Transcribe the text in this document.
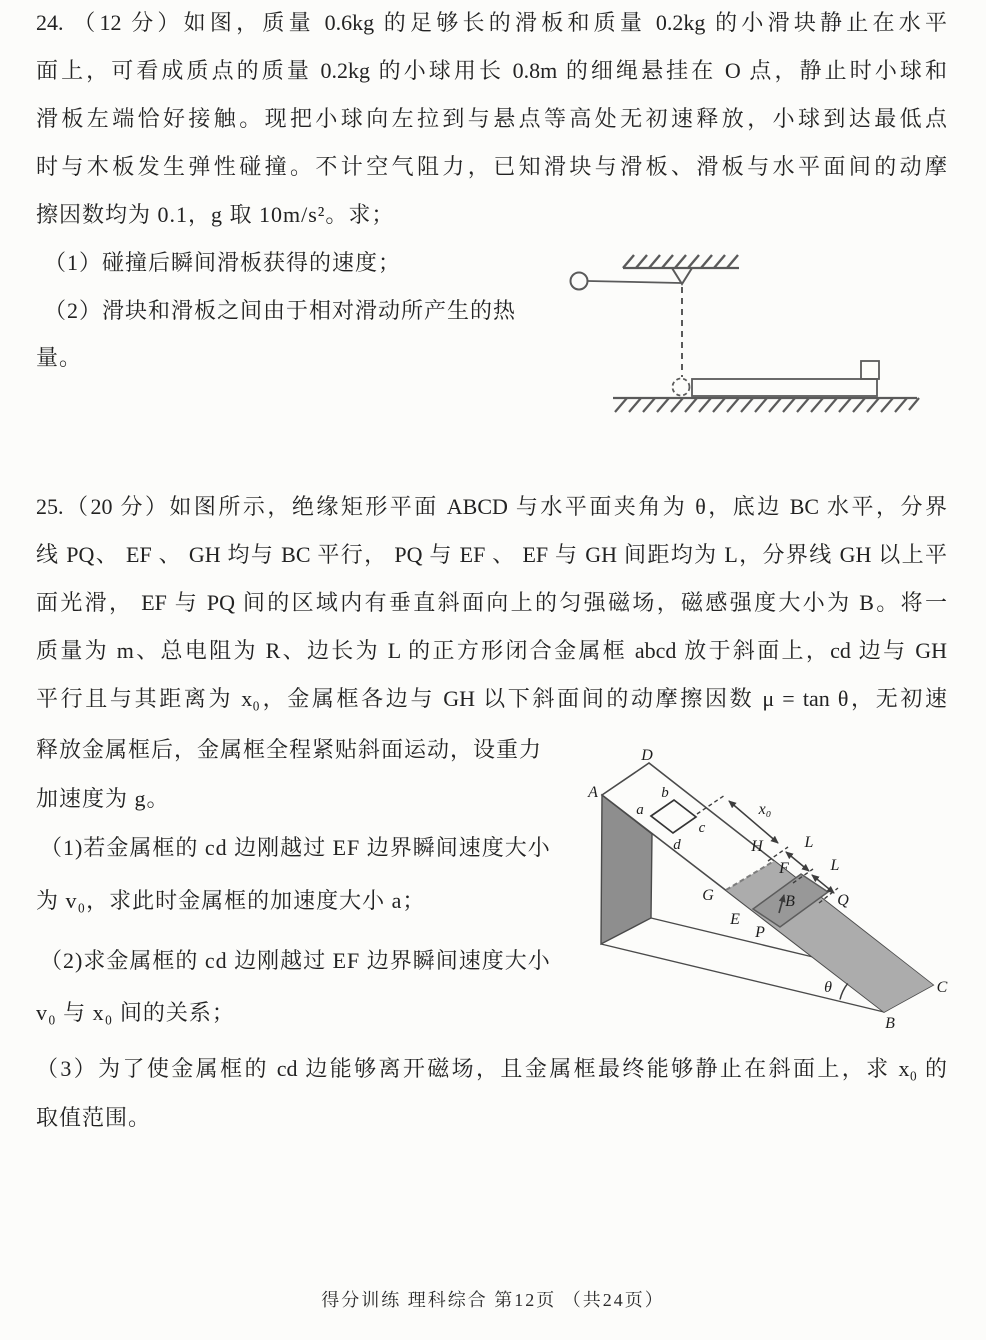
24. （12 分）如图，质量 0.6kg 的足够长的滑板和质量 0.2kg 的小滑块静止在水平
面上，可看成质点的质量 0.2kg 的小球用长 0.8m 的细绳悬挂在 O 点，静止时小球和
滑板左端恰好接触。现把小球向左拉到与悬点等高处无初速释放，小球到达最低点
时与木板发生弹性碰撞。不计空气阻力，已知滑块与滑板、滑板与水平面间的动摩
擦因数均为 0.1，g 取 10m/s²。求；
（1）碰撞后瞬间滑板获得的速度；
（2）滑块和滑板之间由于相对滑动所产生的热
量。
25.（20 分）如图所示，绝缘矩形平面 ABCD 与水平面夹角为 θ，底边 BC 水平，分界
线 PQ、 EF 、 GH 均与 BC 平行， PQ 与 EF 、 EF 与 GH 间距均为 L，分界线 GH 以上平
面光滑， EF 与 PQ 间的区域内有垂直斜面向上的匀强磁场，磁感强度大小为 B。将一
质量为 m、总电阻为 R、边长为 L 的正方形闭合金属框 abcd 放于斜面上，cd 边与 GH
平行且与其距离为 x₀，金属框各边与 GH 以下斜面间的动摩擦因数 μ = tan θ，无初速
释放金属框后，金属框全程紧贴斜面运动，设重力
加速度为 g。
（1)若金属框的 cd 边刚越过 EF 边界瞬间速度大小
为 v₀，求此时金属框的加速度大小 a；
（2)求金属框的 cd 边刚越过 EF 边界瞬间速度大小
v₀ 与 x₀ 间的关系；
（3）为了使金属框的 cd 边能够离开磁场，且金属框最终能够静止在斜面上，求 x₀ 的
取值范围。
B
a
b
c
d
x₀
L
L
H
F
Q
G
E
P
θ
A
D
B
C
得分训练 理科综合 第12页 （共24页）
